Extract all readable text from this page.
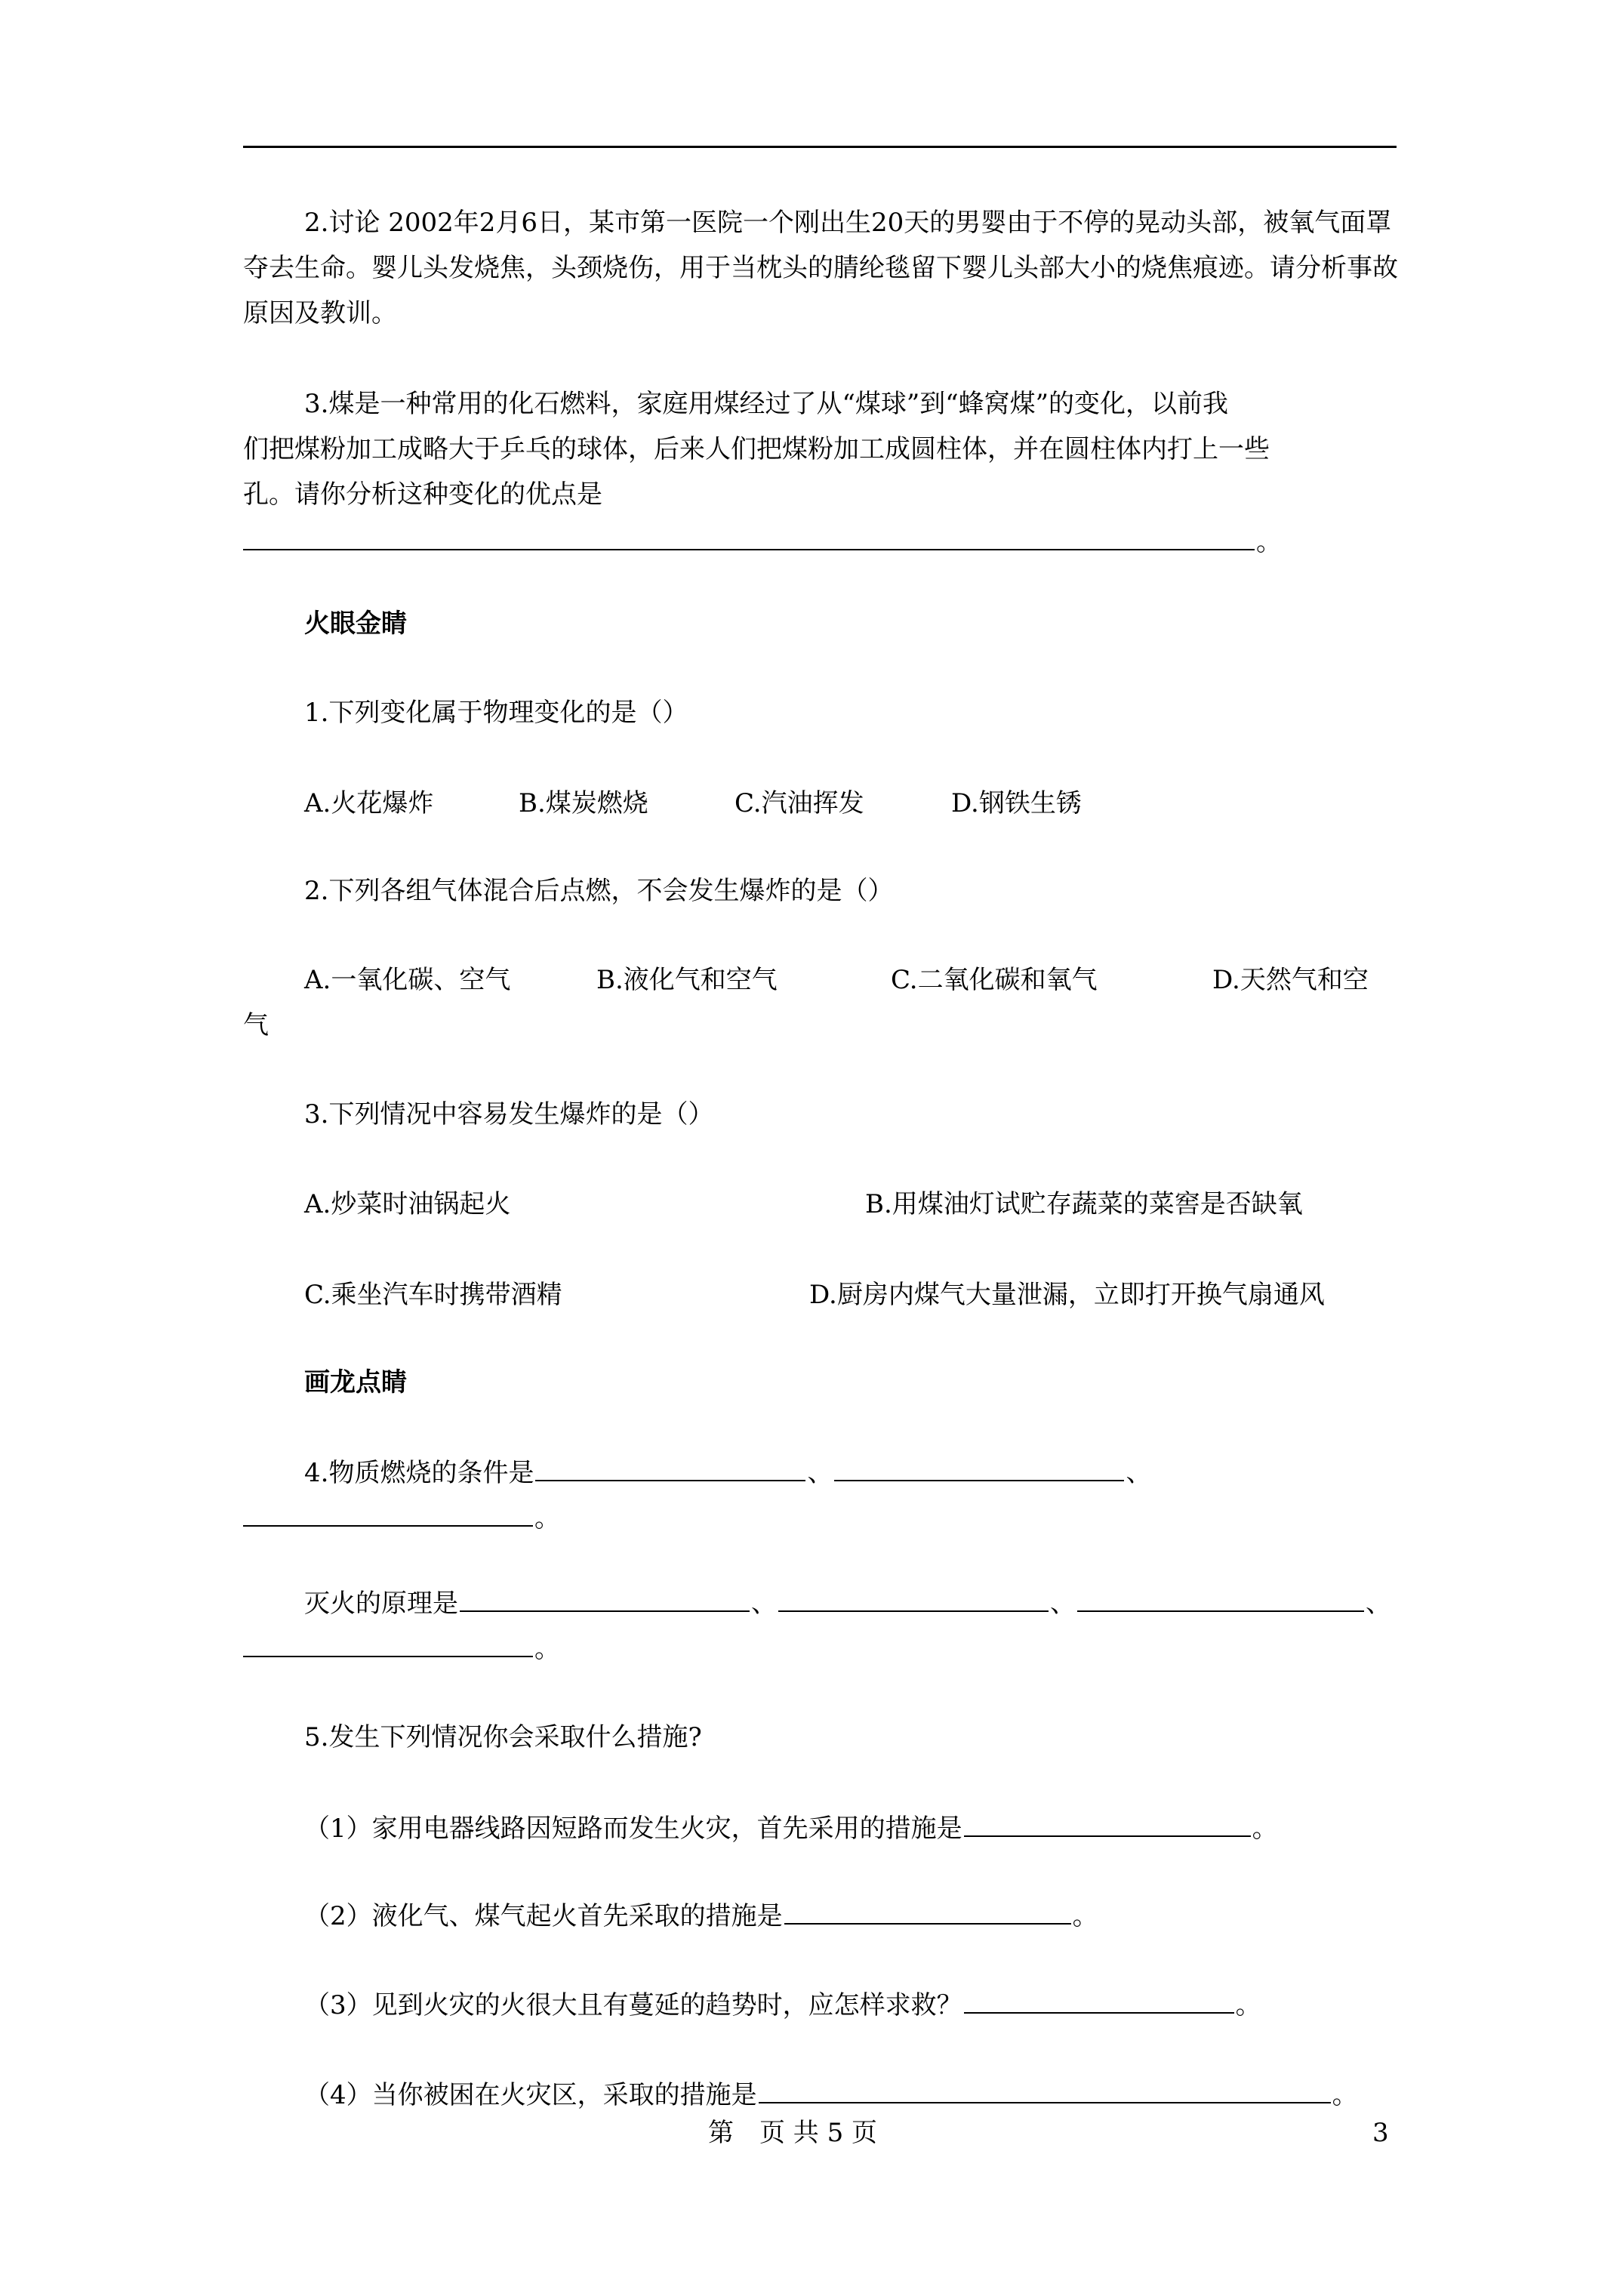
2.讨论 2002年2月6日，某市第一医院一个刚出生20天的男婴由于不停的晃动头部，被氧气面罩夺去生命。婴儿头发烧焦，头颈烧伤，用于当枕头的腈纶毯留下婴儿头部大小的烧焦痕迹。请分析事故原因及教训。
3.煤是一种常用的化石燃料，家庭用煤经过了从“煤球”到“蜂窝煤”的变化，以前我
们把煤粉加工成略大于乒乓的球体，后来人们把煤粉加工成圆柱体，并在圆柱体内打上一些
孔。请你分析这种变化的优点是
。
火眼金睛
1.下列变化属于物理变化的是（）
A.火花爆炸	B.煤炭燃烧	C.汽油挥发	D.钢铁生锈
2.下列各组气体混合后点燃，不会发生爆炸的是（）
A.一氧化碳、空气	B.液化气和空气	C.二氧化碳和氧气	D.天然气和空
气
3.下列情况中容易发生爆炸的是（）
A.炒菜时油锅起火	B.用煤油灯试贮存蔬菜的菜窖是否缺氧
C.乘坐汽车时携带酒精	D.厨房内煤气大量泄漏，立即打开换气扇通风
画龙点睛
4.物质燃烧的条件是	、	、
。
灭火的原理是	、	、	、
。
5.发生下列情况你会采取什么措施?
（1）家用电器线路因短路而发生火灾，首先采用的措施是	。
（2）液化气、煤气起火首先采取的措施是	。
（3）见到火灾的火很大且有蔓延的趋势时，应怎样求救？	。
（4）当你被困在火灾区，采取的措施是	。
第　页 共 5 页	3
